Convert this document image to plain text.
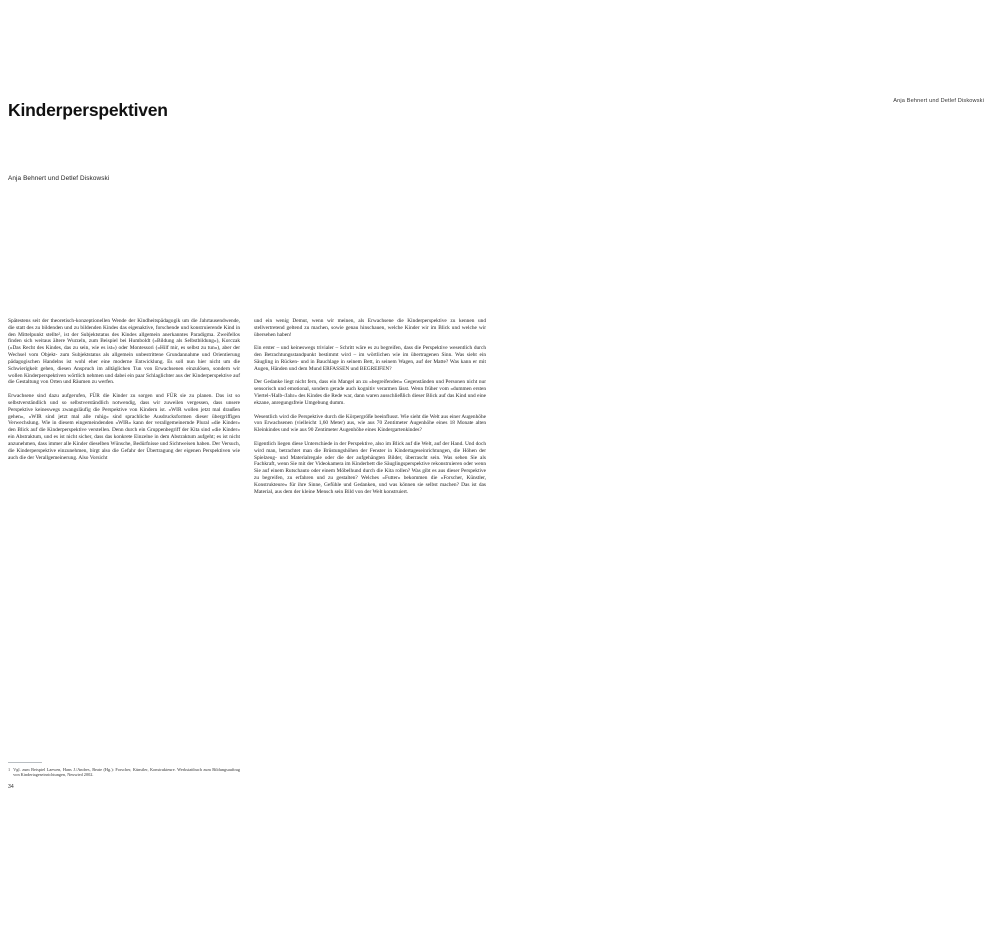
Kinderperspektiven
Anja Behnert und Detlef Diskowski

Spätestens seit der theoretisch-konzeptionellen Wende der Kindheitspädagogik um die Jahrtausendwende, die statt des zu bildenden und zu bildenden Kindes das eigenaktive, forschende und konstruierende Kind in den Mittelpunkt stellte², ist der Subjektstatus des Kindes allgemein anerkanntes Paradigma. Zweifellos finden sich weitaus ältere Wurzeln, zum Beispiel bei Humboldt («Bildung als Selbstbildung»), Korczak («Das Recht des Kindes, das zu sein, wie es ist») oder Montessori («Hilf mir, es selbst zu tun»), aber der Wechsel vom Objekt- zum Subjektstatus als allgemein unbestrittene Grundannahme und Orientierung pädagogischen Handelns ist wohl eher eine moderne Entwicklung. Es soll nun hier nicht um die Schwierigkeit gehen, diesen Anspruch im alltäglichen Tun von Erwachsenen einzulösen, sondern wir wollen Kinderperspektiven wörtlich nehmen und dabei ein paar Schlaglichter aus der Kinderperspektive auf die Gestaltung von Orten und Räumen zu werfen.

Erwachsene sind dazu aufgerufen, FÜR die Kinder zu sorgen und FÜR sie zu planen. Das ist so selbstverständlich und so selbstverständlich notwendig, dass wir zuweilen vergessen, dass unsere Perspektive keineswegs zwangsläufig die Perspektive von Kindern ist. «WIR wollen jetzt mal draußen gehen», «WIR sind jetzt mal alle ruhig» sind sprachliche Ausdrucksformen dieser übergriffigen Verwechslung. Wie in diesem eingemeindenden «WIR» kann der verallgemeinernde Plural «die Kinder» den Blick auf die Kinderperspektive verstellen. Denn durch ein Gruppenbegriff der Kita sind «die Kinder» ein Abstraktum, und es ist nicht sicher, dass das konkrete Einzelne in dem Abstraktum aufgeht; es ist nicht anzunehmen, dass immer alle Kinder dieselben Wünsche, Bedürfnisse und Sichtweisen haben. Der Versuch, die Kinderperspektive einzunehmen, birgt also die Gefahr der Übertragung der eigenen Perspektiven wie auch die der Verallgemeinerung. Also Vorsicht

und ein wenig Demut, wenn wir meinen, als Erwachsene die Kinderperspektive zu kennen und stellvertretend geltend zu machen, sowie genau hinschauen, welche Kinder wir im Blick und welche wir übersehen haben!

Ein erster – und keineswegs trivialer – Schritt wäre es zu begreifen, dass die Perspektive wesentlich durch den Betrachtungsstandpunkt bestimmt wird – im wörtlichen wie im übertragenen Sinn. Was sieht ein Säugling in Rücken- und in Bauchlage in seinem Bett, in seinem Wagen, auf der Matte? Was kann er mit Augen, Händen und dem Mund ERFASSEN und BEGREIFEN?

Der Gedanke liegt nicht fern, dass ein Mangel an zu «begreifenden» Gegenständen und Personen nicht nur sensorisch und emotional, sondern gerade auch kognitiv verarmen lässt. Wenn früher vom «dummen ersten Viertel-/Halb-/Jahr» des Kindes die Rede war, dann waren ausschließlich dieser Blick auf das Kind und eine ekzane, anregungsfreie Umgebung dumm.

Wesentlich wird die Perspektive durch die Körpergröße beeinflusst. Wie sieht die Welt aus einer Augenhöhe von Erwachsenen (vielleicht 1,60 Meter) aus, wie aus 70 Zentimeter Augenhöhe eines 18 Monate alten Kleinkindes und wie aus 90 Zentimeter Augenhöhe eines Kindergartenkindes?

Eigentlich liegen diese Unterschiede in der Perspektive, also im Blick auf die Welt, auf der Hand. Und doch wird man, betrachtet man die Brüstungshöhen der Fenster in Kindertageseinrichtungen, die Höhen der Spielzeug- und Materialregale oder die der aufgehängten Bilder, überrascht sein. Was sehen Sie als Fachkraft, wenn Sie mit der Videokamera im Kinderbett die Säuglingsperspektive rekonstruieren oder wenn Sie auf einem Rutschauto oder einem Möbelhund durch die Kita rollen? Was gibt es aus dieser Perspektive zu begreifen, zu erfahren und zu gestalten? Welches «Futter» bekommen die «Forscher, Künstler, Konstrukteure» für ihre Sinne, Gefühle und Gedanken, und was können sie selbst machen? Das ist das Material, aus dem der kleine Mensch sein Bild von der Welt konstruiert.

1 Vgl. zum Beispiel Laewen, Hans J./Andres, Beate (Hg.): Forscher, Künstler, Konstrukteure. Werkstattbuch zum Bildungsauftrag von Kindertageseinrichtungen, Neuwied 2002.
34
Anja Behnert und Detlef Diskowski
